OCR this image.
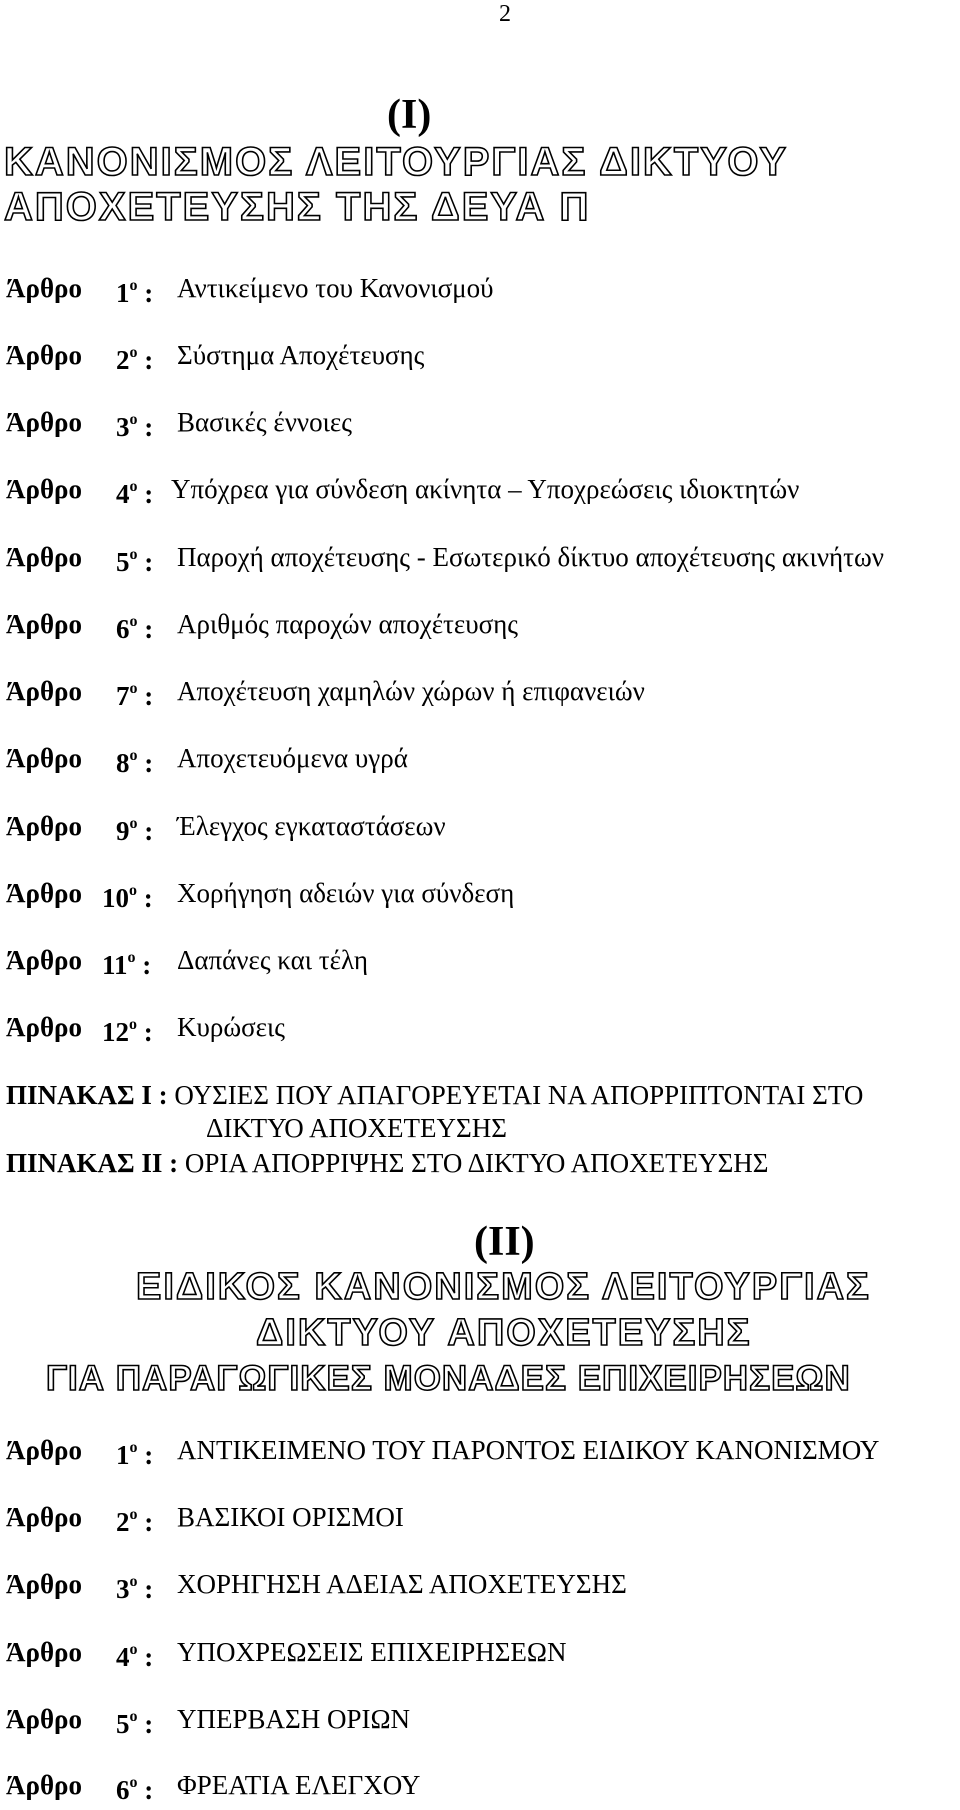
2
(I)
ΚΑΝΟΝΙΣΜΟΣ ΛΕΙΤΟΥΡΓΙΑΣ ΔΙΚΤΥΟΥ
ΑΠΟΧΕΤΕΥΣΗΣ ΤΗΣ ΔΕΥΑ Π
Άρθρο $1^o$ : Αντικείμενο του Κανονισμού
Άρθρο $2^o$ : Σύστημα Αποχέτευσης
Άρθρο $3^o$ : Βασικές έννοιες
Άρθρο $4^o$ : Υπόχρεα για σύνδεση ακίνητα – Υποχρεώσεις ιδιοκτητών
Άρθρο $5^o$ : Παροχή αποχέτευσης - Εσωτερικό δίκτυο αποχέτευσης ακινήτων
Άρθρο $6^o$ : Αριθμός παροχών αποχέτευσης
Άρθρο $7^o$ : Αποχέτευση χαμηλών χώρων ή επιφανειών
Άρθρο $8^o$ : Αποχετευόμενα υγρά
Άρθρο $9^o$ : Έλεγχος εγκαταστάσεων
Άρθρο $10^o$ : Χορήγηση αδειών για σύνδεση
Άρθρο $11^o$ : Δαπάνες και τέλη
Άρθρο $12^o$ : Κυρώσεις
ΠΙΝΑΚΑΣ Ι : ΟΥΣΙΕΣ ΠΟΥ ΑΠΑΓΟΡΕΥΕΤΑΙ ΝΑ ΑΠΟΡΡΙΠΤΟΝΤΑΙ ΣΤΟ
ΔΙΚΤΥΟ ΑΠΟΧΕΤΕΥΣΗΣ
ΠΙΝΑΚΑΣ ΙΙ : ΟΡΙΑ ΑΠΟΡΡΙΨΗΣ ΣΤΟ ΔΙΚΤΥΟ ΑΠΟΧΕΤΕΥΣΗΣ
(II)
ΕΙΔΙΚΟΣ ΚΑΝΟΝΙΣΜΟΣ ΛΕΙΤΟΥΡΓΙΑΣ
ΔΙΚΤΥΟΥ ΑΠΟΧΕΤΕΥΣΗΣ
ΓΙΑ ΠΑΡΑΓΩΓΙΚΕΣ ΜΟΝΑΔΕΣ ΕΠΙΧΕΙΡΗΣΕΩΝ
Άρθρο $1^o$ : ΑΝΤΙΚΕΙΜΕΝΟ ΤΟΥ ΠΑΡΟΝΤΟΣ ΕΙΔΙΚΟΥ ΚΑΝΟΝΙΣΜΟΥ
Άρθρο $2^o$ : ΒΑΣΙΚΟΙ ΟΡΙΣΜΟΙ
Άρθρο $3^o$ : ΧΟΡΗΓΗΣΗ ΑΔΕΙΑΣ ΑΠΟΧΕΤΕΥΣΗΣ
Άρθρο $4^o$ : ΥΠΟΧΡΕΩΣΕΙΣ ΕΠΙΧΕΙΡΗΣΕΩΝ
Άρθρο $5^o$ : ΥΠΕΡΒΑΣΗ ΟΡΙΩΝ
Άρθρο $6^o$ : ΦΡΕΑΤΙΑ ΕΛΕΓΧΟΥ
